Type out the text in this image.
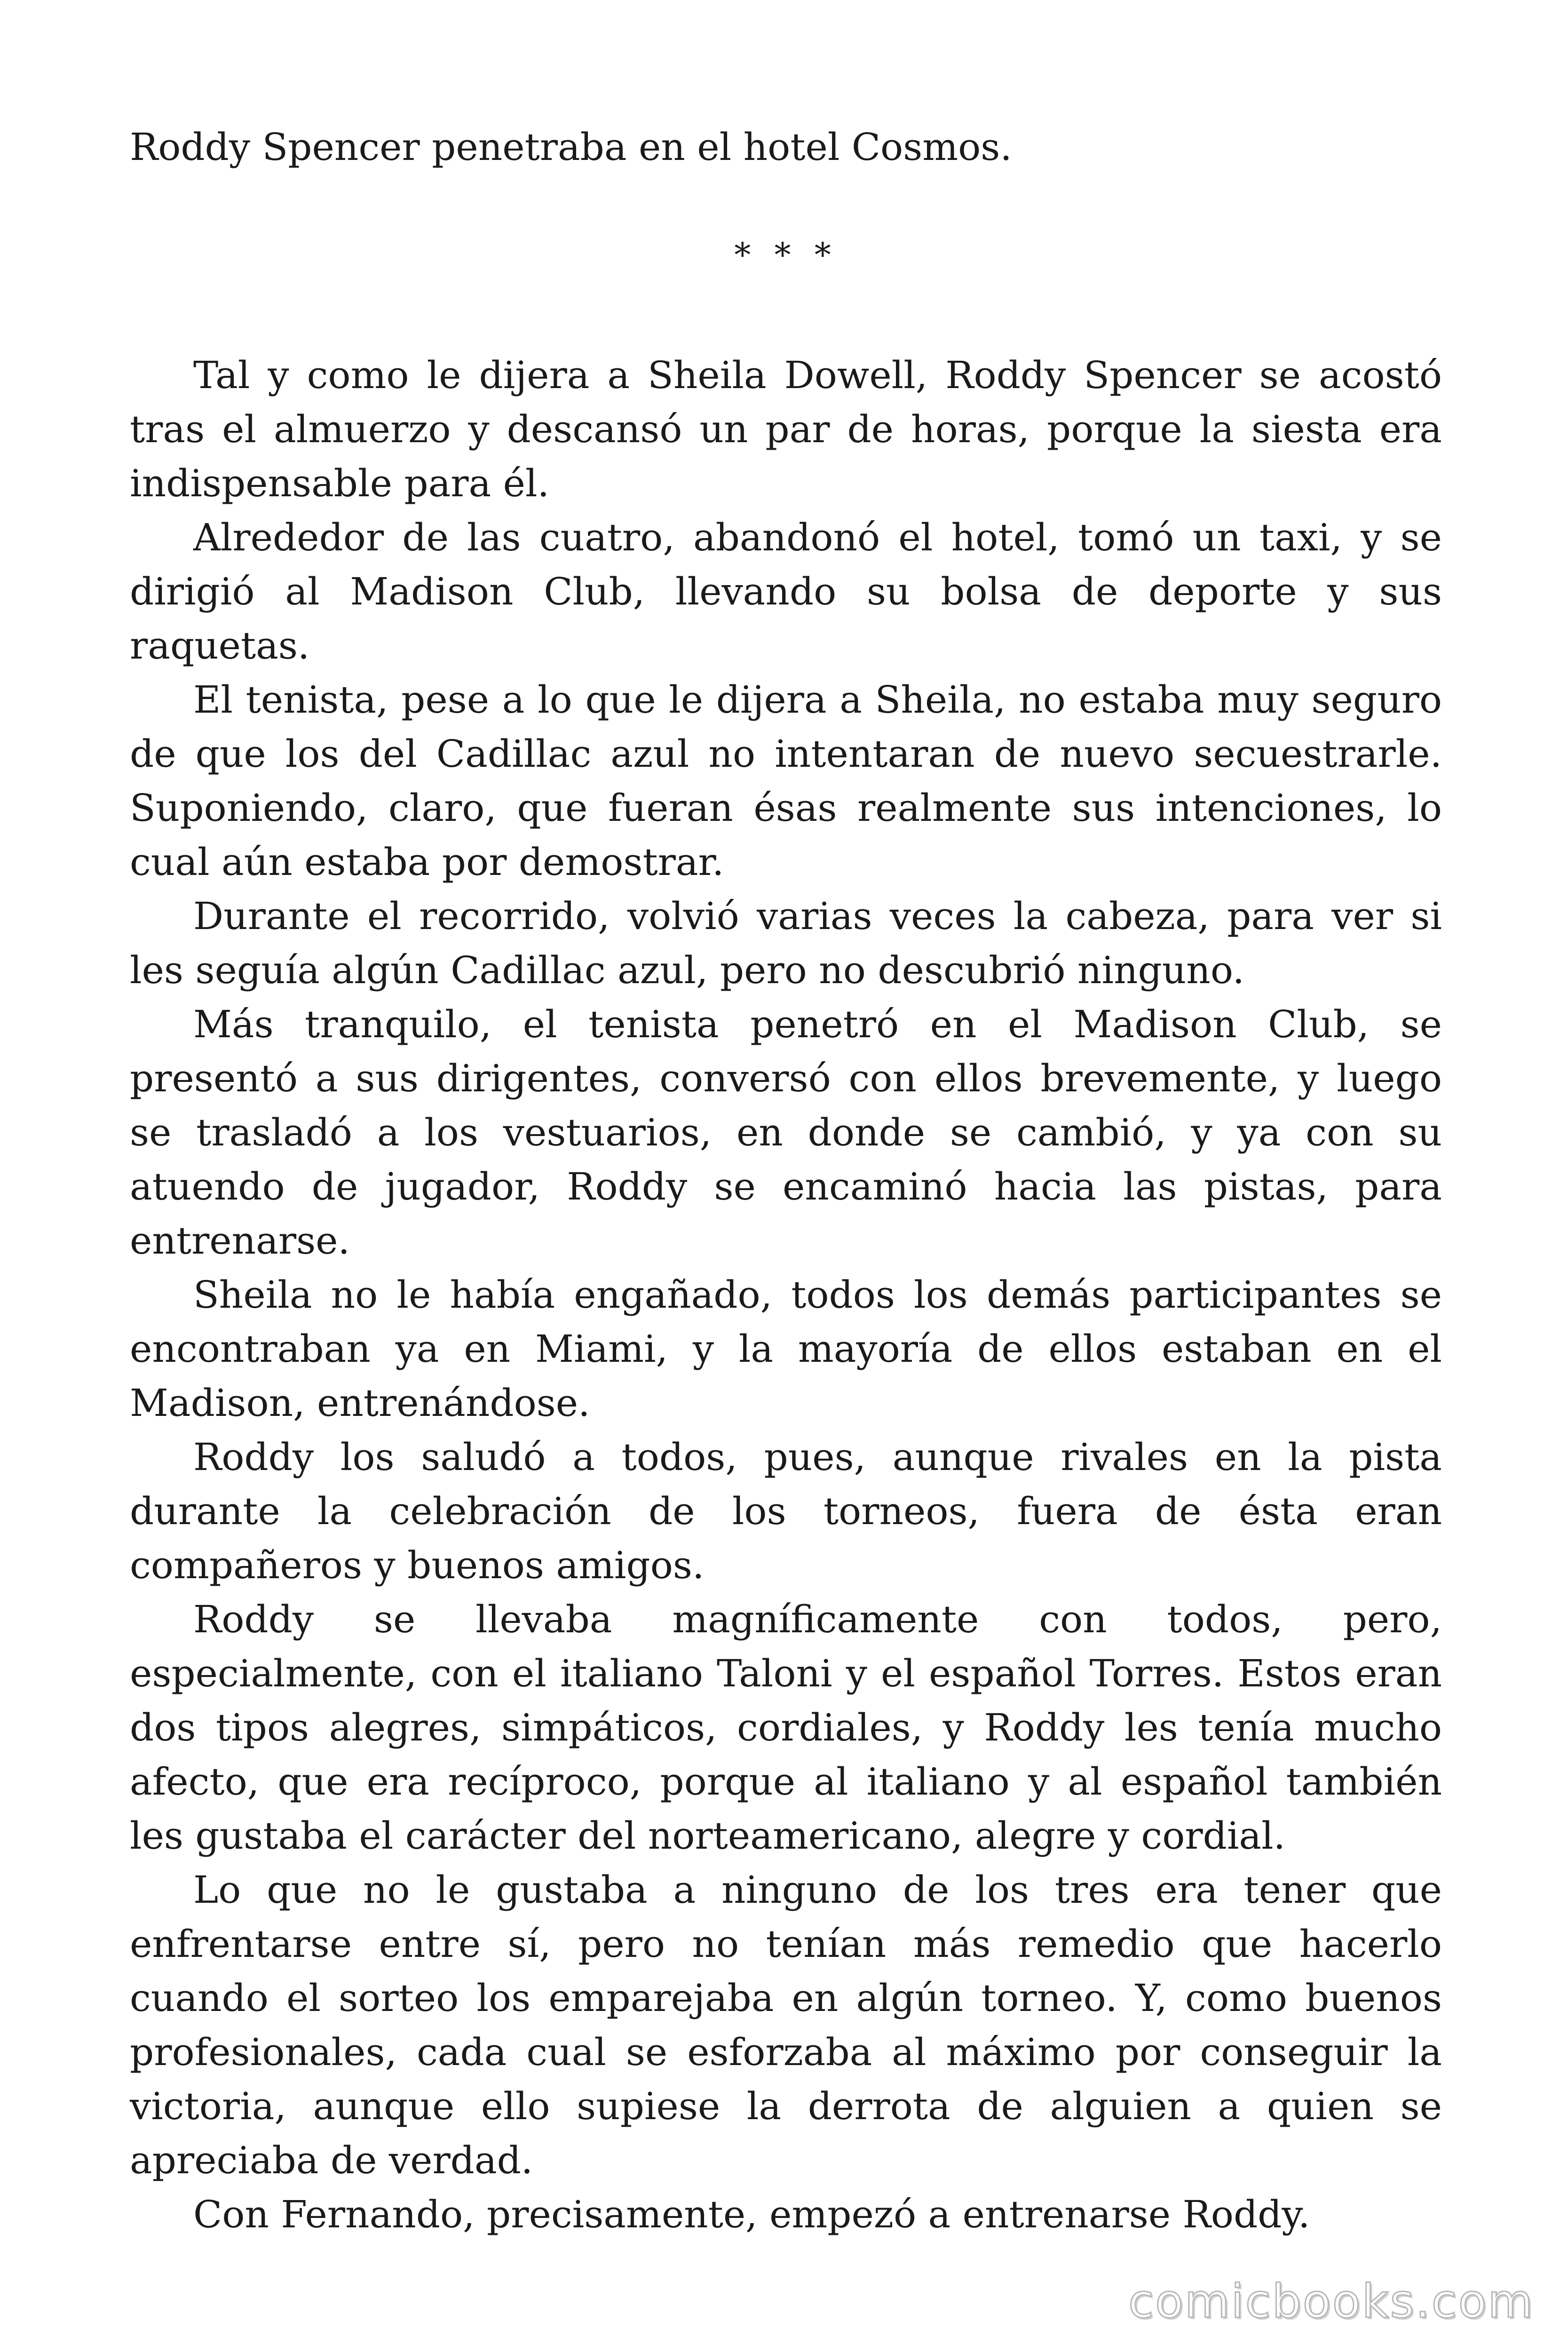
Roddy Spencer penetraba en el hotel Cosmos.

* * *

Tal y como le dijera a Sheila Dowell, Roddy Spencer se acostó tras el almuerzo y descansó un par de horas, porque la siesta era indispensable para él.

Alrededor de las cuatro, abandonó el hotel, tomó un taxi, y se dirigió al Madison Club, llevando su bolsa de deporte y sus raquetas.

El tenista, pese a lo que le dijera a Sheila, no estaba muy seguro de que los del Cadillac azul no intentaran de nuevo secuestrarle. Suponiendo, claro, que fueran ésas realmente sus intenciones, lo cual aún estaba por demostrar.

Durante el recorrido, volvió varias veces la cabeza, para ver si les seguía algún Cadillac azul, pero no descubrió ninguno.

Más tranquilo, el tenista penetró en el Madison Club, se presentó a sus dirigentes, conversó con ellos brevemente, y luego se trasladó a los vestuarios, en donde se cambió, y ya con su atuendo de jugador, Roddy se encaminó hacia las pistas, para entrenarse.

Sheila no le había engañado, todos los demás participantes se encontraban ya en Miami, y la mayoría de ellos estaban en el Madison, entrenándose.

Roddy los saludó a todos, pues, aunque rivales en la pista durante la celebración de los torneos, fuera de ésta eran compañeros y buenos amigos.

Roddy se llevaba magníficamente con todos, pero, especialmente, con el italiano Taloni y el español Torres. Estos eran dos tipos alegres, simpáticos, cordiales, y Roddy les tenía mucho afecto, que era recíproco, porque al italiano y al español también les gustaba el carácter del norteamericano, alegre y cordial.

Lo que no le gustaba a ninguno de los tres era tener que enfrentarse entre sí, pero no tenían más remedio que hacerlo cuando el sorteo los emparejaba en algún torneo. Y, como buenos profesionales, cada cual se esforzaba al máximo por conseguir la victoria, aunque ello supiese la derrota de alguien a quien se apreciaba de verdad.

Con Fernando, precisamente, empezó a entrenarse Roddy.

comicbooks.com
